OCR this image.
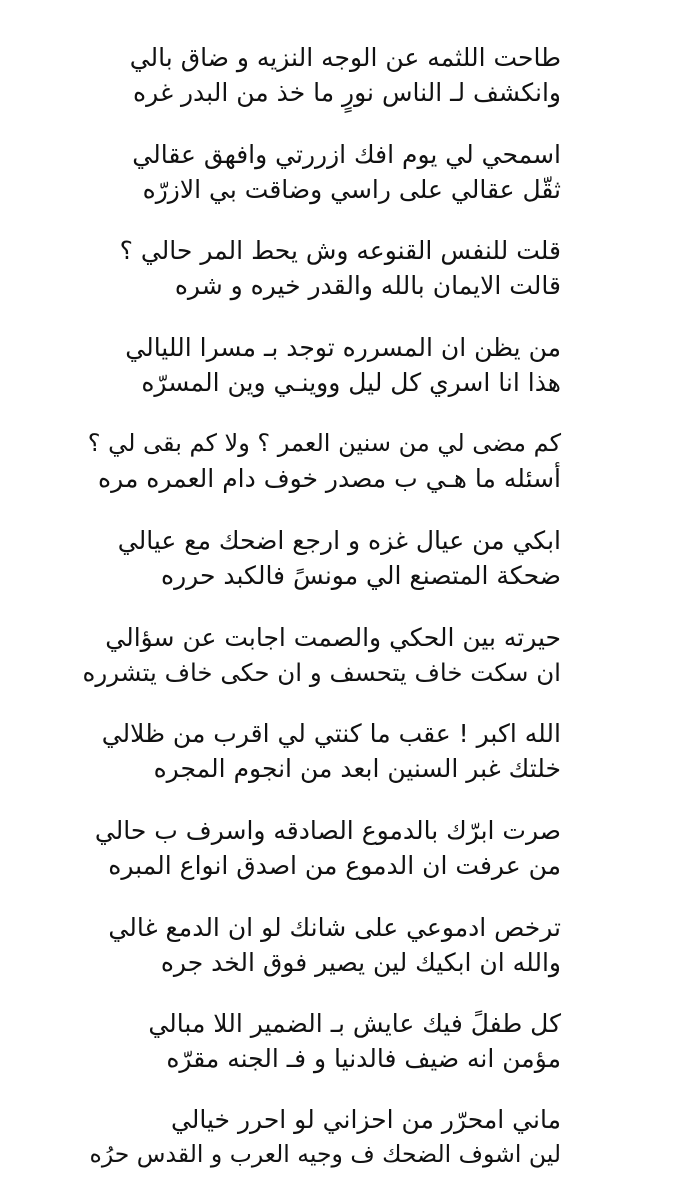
طاحت اللثمه عن الوجه النزيه و ضاق بالي
وانكشف لـ الناس نورٍ ما خذ من البدر غره
اسمحي لي يوم افك ازررتي وافهق عقالي
ثقّل عقالي على راسي وضاقت بي الازرّه
قلت للنفس القنوعه وش يحط المر حالي ؟
قالت الايمان بالله والقدر خيره و شره
من يظن ان المسرره توجد بـ مسرا الليالي
هذا انا اسري كل ليل ووينـي وين المسرّه
كم مضى لي من سنين العمر ؟ ولا كم بقى لي ؟
أسئله ما هـي ب مصدر خوف دام العمره مره
ابكي من عيال غزه و ارجع اضحك مع عيالي
ضحكة المتصنع الي مونسً فالكبد حرره
حيرته بين الحكي والصمت اجابت عن سؤالي
ان سكت خاف يتحسف و ان حكى خاف يتشرره
الله اكبر ! عقب ما كنتي لي اقرب من ظلالي
خلتك غبر السنين ابعد من انجوم المجره
صرت ابرّك بالدموع الصادقه واسرف ب حالي
من عرفت ان الدموع من اصدق انواع المبره
ترخص ادموعي على شانك لو ان الدمع غالي
والله ان ابكيك لين يصير فوق الخد جره
كل طفلً فيك عايش بـ الضمير اللا مبالي
مؤمن انه ضيف فالدنيا و فـ الجنه مقرّه
ماني امحرّر من احزاني لو احرر خيالي
لين اشوف الضحك ف وجيه العرب و القدس حرُه
